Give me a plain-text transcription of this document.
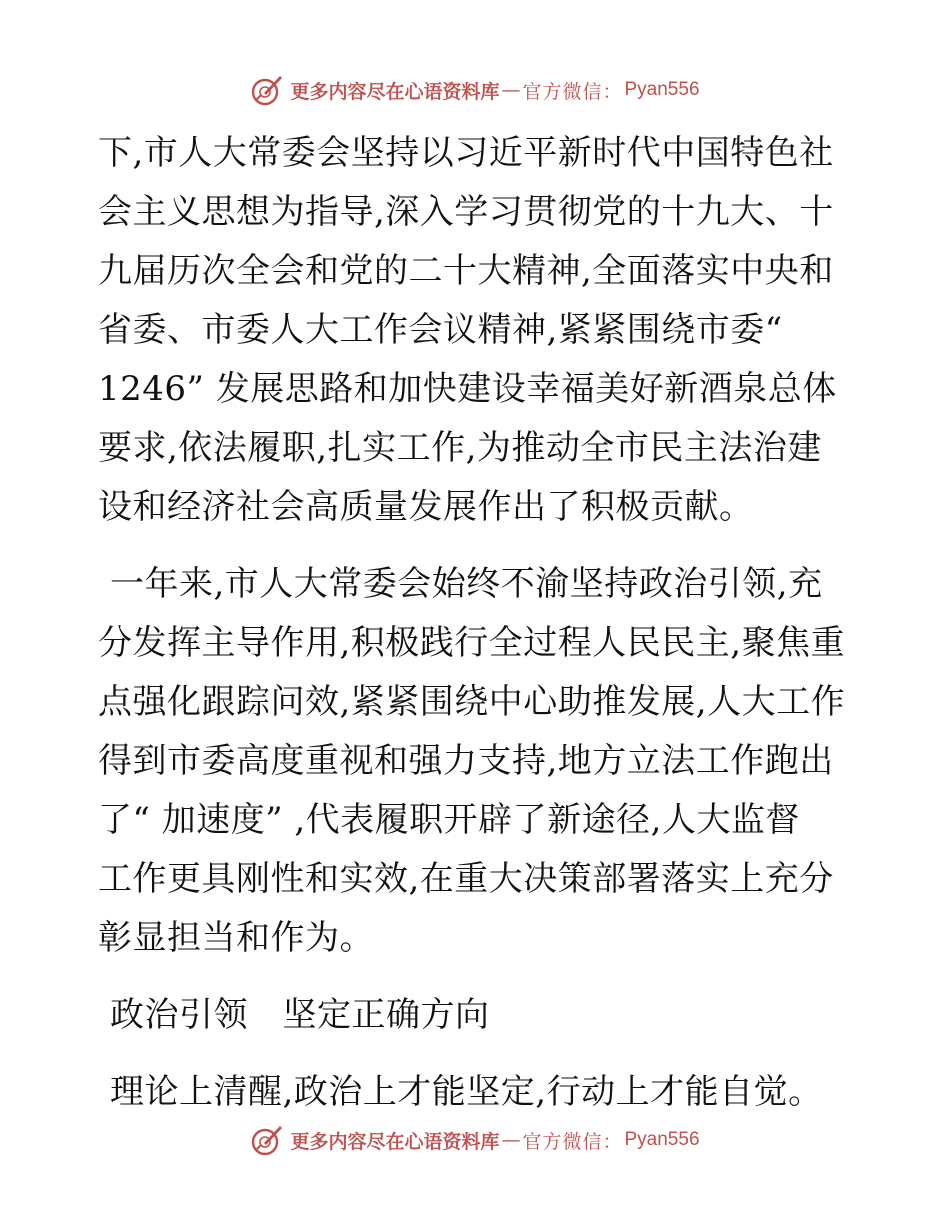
更多内容尽在心语资料库 — 官方微信： Pyan556
下,市人大常委会坚持以习近平新时代中国特色社
会主义思想为指导,深入学习贯彻党的十九大、十
九届历次全会和党的二十大精神,全面落实中央和
省委、市委人大工作会议精神,紧紧围绕市委“
1246” 发展思路和加快建设幸福美好新酒泉总体
要求,依法履职,扎实工作,为推动全市民主法治建
设和经济社会高质量发展作出了积极贡献。
一年来,市人大常委会始终不渝坚持政治引领,充
分发挥主导作用,积极践行全过程人民民主,聚焦重
点强化跟踪问效,紧紧围绕中心助推发展,人大工作
得到市委高度重视和强力支持,地方立法工作跑出
了“ 加速度” ,代表履职开辟了新途径,人大监督
工作更具刚性和实效,在重大决策部署落实上充分
彰显担当和作为。
政治引领　坚定正确方向
理论上清醒,政治上才能坚定,行动上才能自觉。
更多内容尽在心语资料库 — 官方微信： Pyan556
